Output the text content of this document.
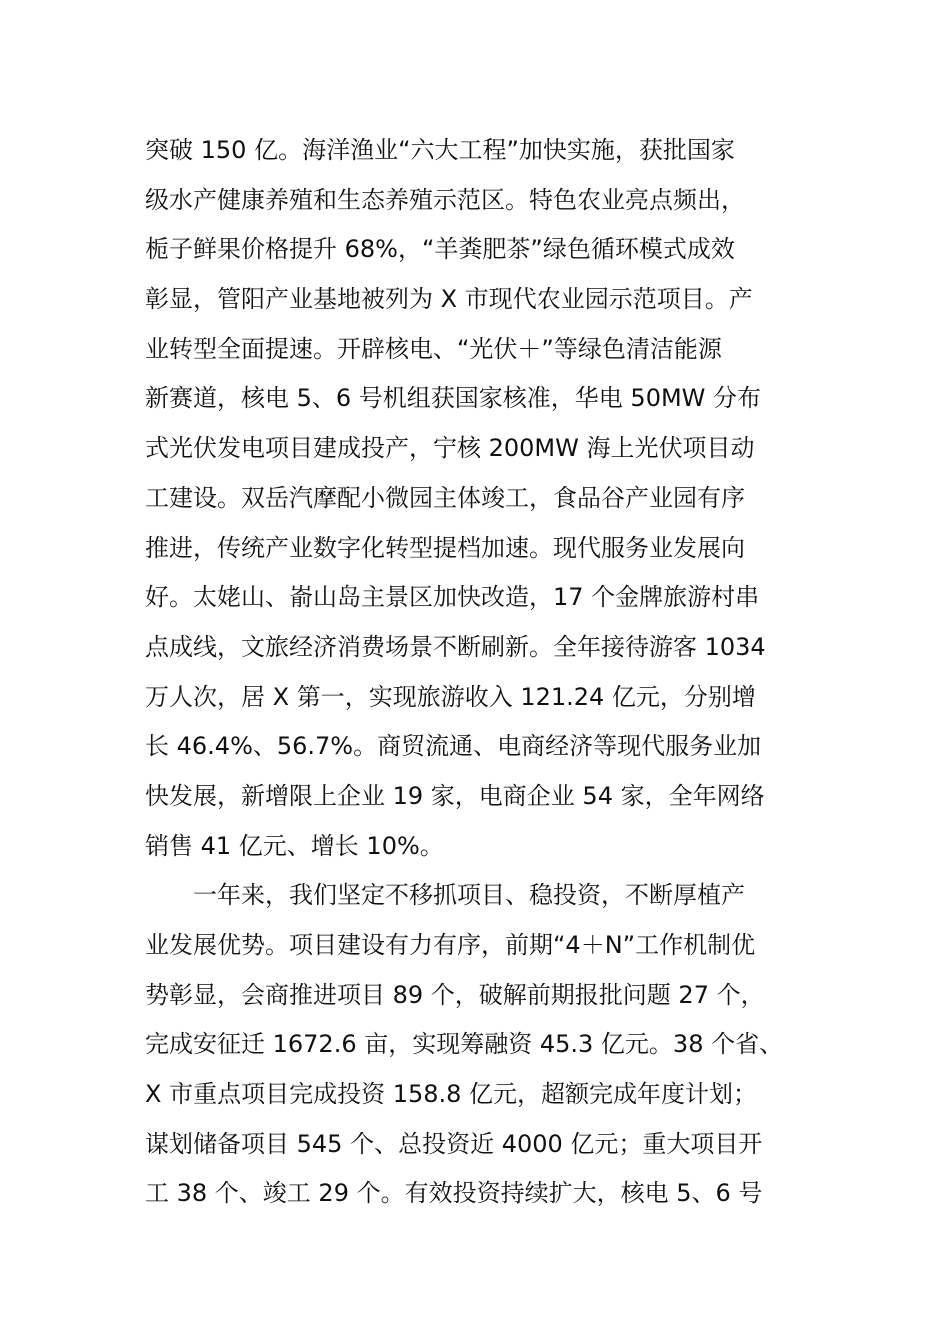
突破 150 亿。海洋渔业“六大工程”加快实施，获批国家
级水产健康养殖和生态养殖示范区。特色农业亮点频出，
栀子鲜果价格提升 68%，“羊粪肥茶”绿色循环模式成效
彰显，管阳产业基地被列为 X 市现代农业园示范项目。产
业转型全面提速。开辟核电、“光伏＋”等绿色清洁能源
新赛道，核电 5、6 号机组获国家核准，华电 50MW 分布
式光伏发电项目建成投产，宁核 200MW 海上光伏项目动
工建设。双岳汽摩配小微园主体竣工，食品谷产业园有序
推进，传统产业数字化转型提档加速。现代服务业发展向
好。太姥山、嵛山岛主景区加快改造，17 个金牌旅游村串
点成线，文旅经济消费场景不断刷新。全年接待游客 1034
万人次，居 X 第一，实现旅游收入 121.24 亿元，分别增
长 46.4%、56.7%。商贸流通、电商经济等现代服务业加
快发展，新增限上企业 19 家，电商企业 54 家，全年网络
销售 41 亿元、增长 10%。
一年来，我们坚定不移抓项目、稳投资，不断厚植产
业发展优势。项目建设有力有序，前期“4＋N”工作机制优
势彰显，会商推进项目 89 个，破解前期报批问题 27 个，
完成安征迁 1672.6 亩，实现筹融资 45.3 亿元。38 个省、
X 市重点项目完成投资 158.8 亿元，超额完成年度计划；
谋划储备项目 545 个、总投资近 4000 亿元；重大项目开
工 38 个、竣工 29 个。有效投资持续扩大，核电 5、6 号
